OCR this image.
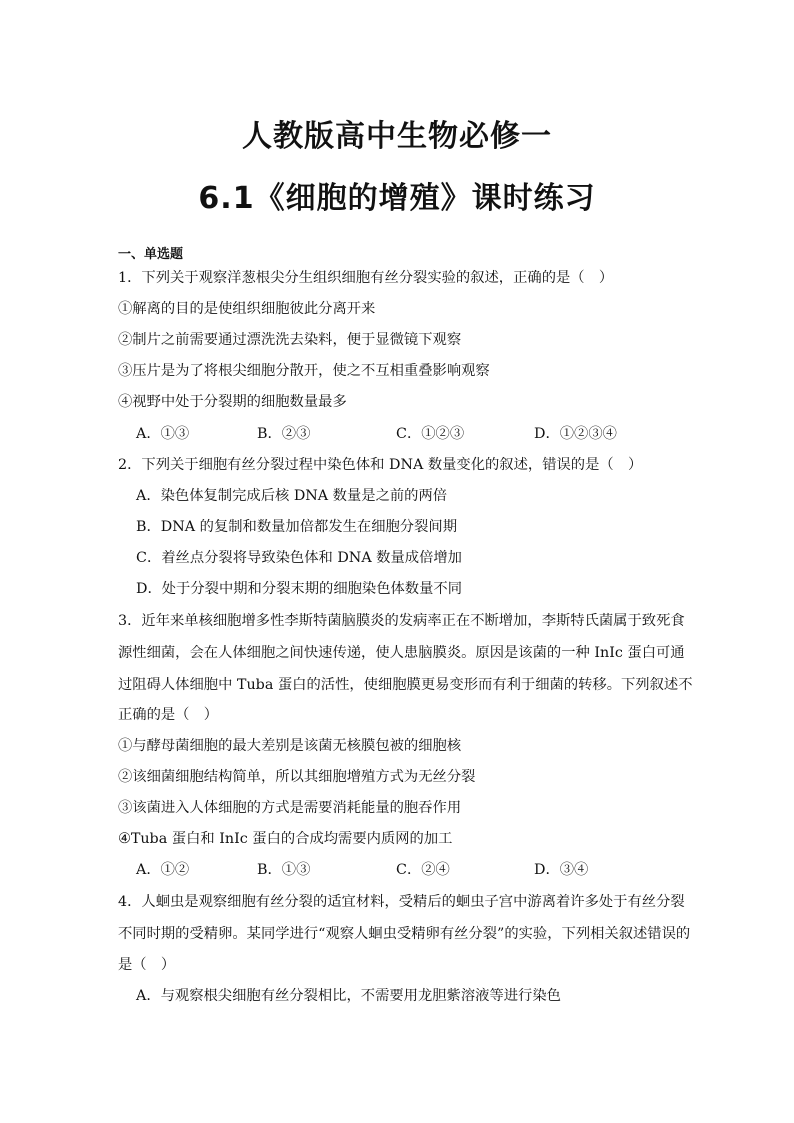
人教版高中生物必修一
6.1《细胞的增殖》课时练习
一、单选题
1．下列关于观察洋葱根尖分生组织细胞有丝分裂实验的叙述，正确的是（　）
①解离的目的是使组织细胞彼此分离开来
②制片之前需要通过漂洗洗去染料，便于显微镜下观察
③压片是为了将根尖细胞分散开，使之不互相重叠影响观察
④视野中处于分裂期的细胞数量最多
A．①③	B．②③	C．①②③	D．①②③④
2．下列关于细胞有丝分裂过程中染色体和 DNA 数量变化的叙述，错误的是（　）
A．染色体复制完成后核 DNA 数量是之前的两倍
B．DNA 的复制和数量加倍都发生在细胞分裂间期
C．着丝点分裂将导致染色体和 DNA 数量成倍增加
D．处于分裂中期和分裂末期的细胞染色体数量不同
3．近年来单核细胞增多性李斯特菌脑膜炎的发病率正在不断增加，李斯特氏菌属于致死食
源性细菌，会在人体细胞之间快速传递，使人患脑膜炎。原因是该菌的一种 InIc 蛋白可通
过阻碍人体细胞中 Tuba 蛋白的活性，使细胞膜更易变形而有利于细菌的转移。下列叙述不
正确的是（　）
①与酵母菌细胞的最大差别是该菌无核膜包被的细胞核
②该细菌细胞结构简单，所以其细胞增殖方式为无丝分裂
③该菌进入人体细胞的方式是需要消耗能量的胞吞作用
④Tuba 蛋白和 InIc 蛋白的合成均需要内质网的加工
A．①②	B．①③	C．②④	D．③④
4．人蛔虫是观察细胞有丝分裂的适宜材料，受精后的蛔虫子宫中游离着许多处于有丝分裂
不同时期的受精卵。某同学进行“观察人蛔虫受精卵有丝分裂”的实验，下列相关叙述错误的
是（　）
A．与观察根尖细胞有丝分裂相比，不需要用龙胆紫溶液等进行染色
